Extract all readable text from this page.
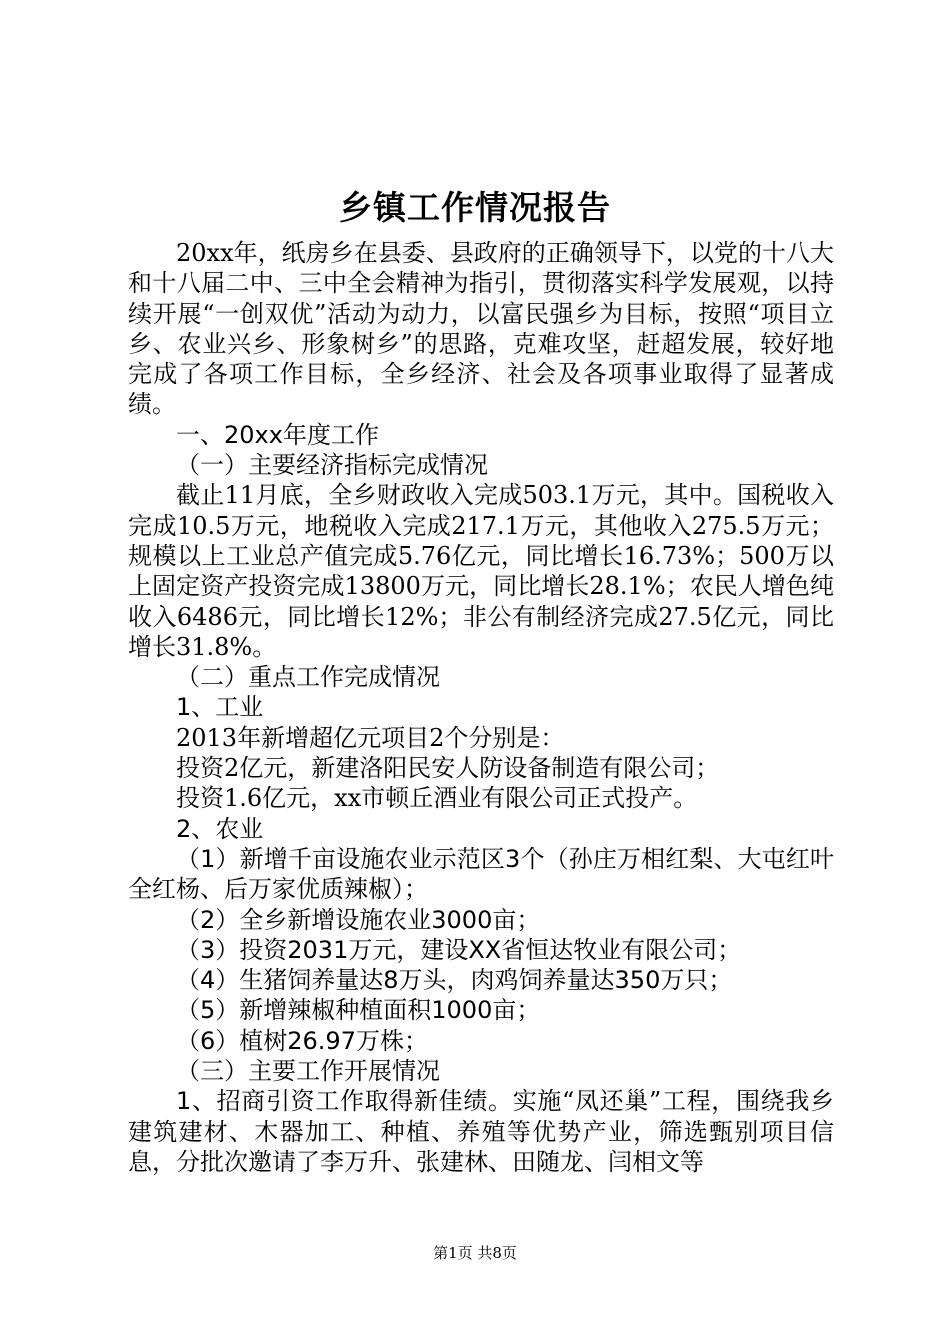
乡镇工作情况报告

20xx年，纸房乡在县委、县政府的正确领导下，以党的十八大和十八届二中、三中全会精神为指引，贯彻落实科学发展观，以持续开展“一创双优”活动为动力，以富民强乡为目标，按照“项目立乡、农业兴乡、形象树乡”的思路，克难攻坚，赶超发展，较好地完成了各项工作目标，全乡经济、社会及各项事业取得了显著成绩。

一、20xx年度工作

（一）主要经济指标完成情况

截止11月底，全乡财政收入完成503.1万元，其中。国税收入完成10.5万元，地税收入完成217.1万元，其他收入275.5万元；规模以上工业总产值完成5.76亿元，同比增长16.73%；500万以上固定资产投资完成13800万元，同比增长28.1%；农民人增色纯收入6486元，同比增长12%；非公有制经济完成27.5亿元，同比增长31.8%。

（二）重点工作完成情况

1、工业

2013年新增超亿元项目2个分别是：

投资2亿元，新建洛阳民安人防设备制造有限公司；

投资1.6亿元，xx市顿丘酒业有限公司正式投产。

2、农业

（1）新增千亩设施农业示范区3个（孙庄万相红梨、大屯红叶全红杨、后万家优质辣椒）；

（2）全乡新增设施农业3000亩；

（3）投资2031万元，建设XX省恒达牧业有限公司；

（4）生猪饲养量达8万头，肉鸡饲养量达350万只；

（5）新增辣椒种植面积1000亩；

（6）植树26.97万株；

（三）主要工作开展情况

1、招商引资工作取得新佳绩。实施“凤还巢”工程，围绕我乡建筑建材、木器加工、种植、养殖等优势产业，筛选甄别项目信息，分批次邀请了李万升、张建林、田随龙、闫相文等

第1页 共8页
